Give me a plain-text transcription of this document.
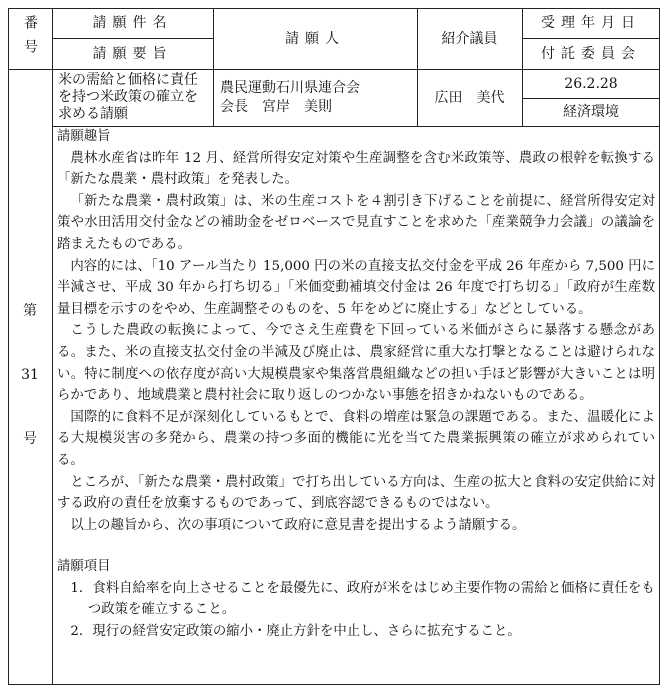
番号	請願件名
請願要旨
請願人	紹介議員
受理年月日
付託委員会
米の需給と価格に責任を持つ米政策の確立を求める請願
農民運動石川県連合会
会長　宮岸　美則
広田　美代
26.2.28
経済環境
第
31
号

請願趣旨

農林水産省は昨年 12 月、経営所得安定対策や生産調整を含む米政策等、農政の根幹を転換する「新たな農業・農村政策」を発表した。

「新たな農業・農村政策」は、米の生産コストを４割引き下げることを前提に、経営所得安定対策や水田活用交付金などの補助金をゼロベースで見直すことを求めた「産業競争力会議」の議論を踏まえたものである。

内容的には、「10 アール当たり 15,000 円の米の直接支払交付金を平成 26 年産から 7,500 円に半減させ、平成 30 年から打ち切る」「米価変動補填交付金は 26 年度で打ち切る」「政府が生産数量目標を示すのをやめ、生産調整そのものを、5 年をめどに廃止する」などとしている。

こうした農政の転換によって、今でさえ生産費を下回っている米価がさらに暴落する懸念がある。また、米の直接支払交付金の半減及び廃止は、農家経営に重大な打撃となることは避けられない。特に制度への依存度が高い大規模農家や集落営農組織などの担い手ほど影響が大きいことは明らかであり、地域農業と農村社会に取り返しのつかない事態を招きかねないものである。

国際的に食料不足が深刻化しているもとで、食料の増産は緊急の課題である。また、温暖化による大規模災害の多発から、農業の持つ多面的機能に光を当てた農業振興策の確立が求められている。

ところが、「新たな農業・農村政策」で打ち出している方向は、生産の拡大と食料の安定供給に対する政府の責任を放棄するものであって、到底容認できるものではない。

以上の趣旨から、次の事項について政府に意見書を提出するよう請願する。

請願項目

1．食料自給率を向上させることを最優先に、政府が米をはじめ主要作物の需給と価格に責任をもつ政策を確立すること。

2．現行の経営安定政策の縮小・廃止方針を中止し、さらに拡充すること。
